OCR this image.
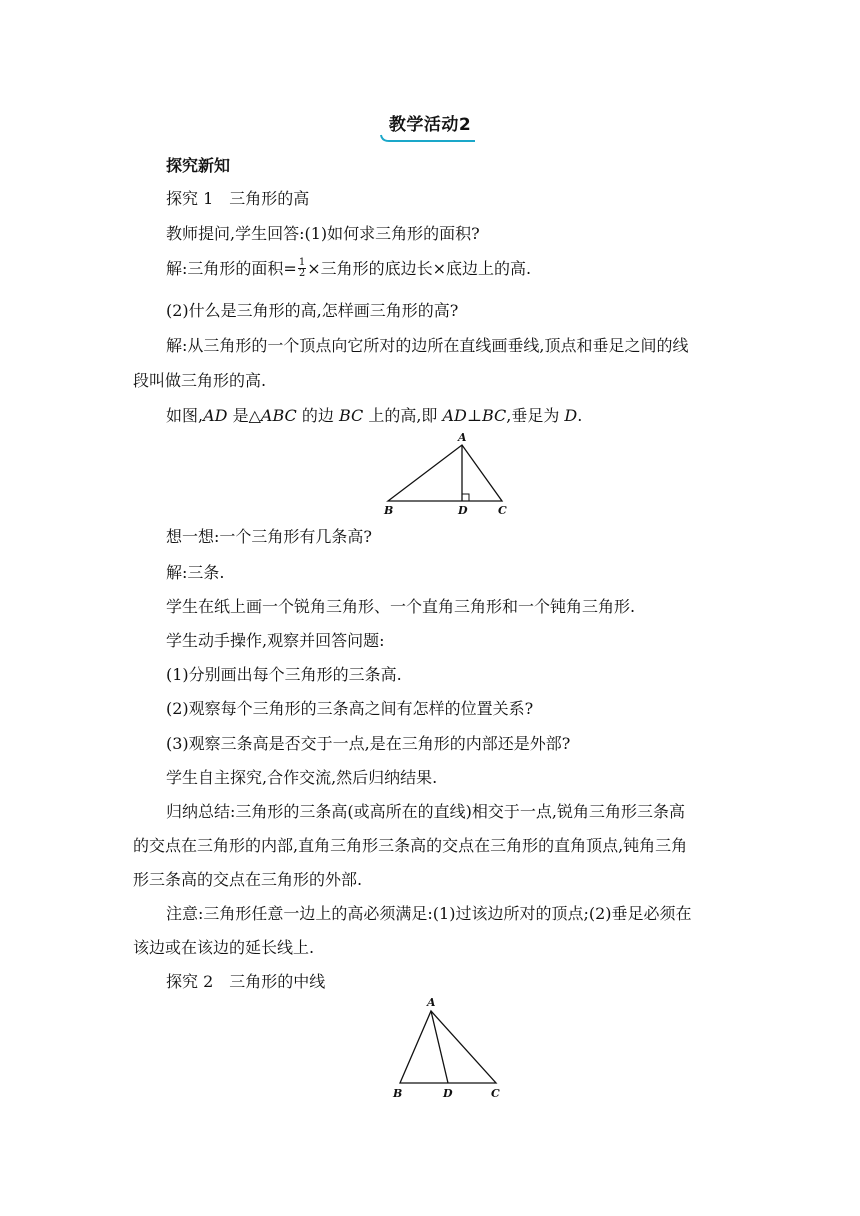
教学活动2
探究新知
探究 1　三角形的高
教师提问,学生回答:(1)如何求三角形的面积?
解:三角形的面积= $\frac{1}{2}$ ×三角形的底边长×底边上的高.
(2)什么是三角形的高,怎样画三角形的高?
解:从三角形的一个顶点向它所对的边所在直线画垂线,顶点和垂足之间的线
段叫做三角形的高.
如图,AD 是△ABC 的边 BC 上的高,即 AD⊥BC,垂足为 D.
A
B	D	C
想一想:一个三角形有几条高?
解:三条.
学生在纸上画一个锐角三角形、一个直角三角形和一个钝角三角形.
学生动手操作,观察并回答问题:
(1)分别画出每个三角形的三条高.
(2)观察每个三角形的三条高之间有怎样的位置关系?
(3)观察三条高是否交于一点,是在三角形的内部还是外部?
学生自主探究,合作交流,然后归纳结果.
归纳总结:三角形的三条高(或高所在的直线)相交于一点,锐角三角形三条高
的交点在三角形的内部,直角三角形三条高的交点在三角形的直角顶点,钝角三角
形三条高的交点在三角形的外部.
注意:三角形任意一边上的高必须满足:(1)过该边所对的顶点;(2)垂足必须在
该边或在该边的延长线上.
探究 2　三角形的中线
A
B	D	C
